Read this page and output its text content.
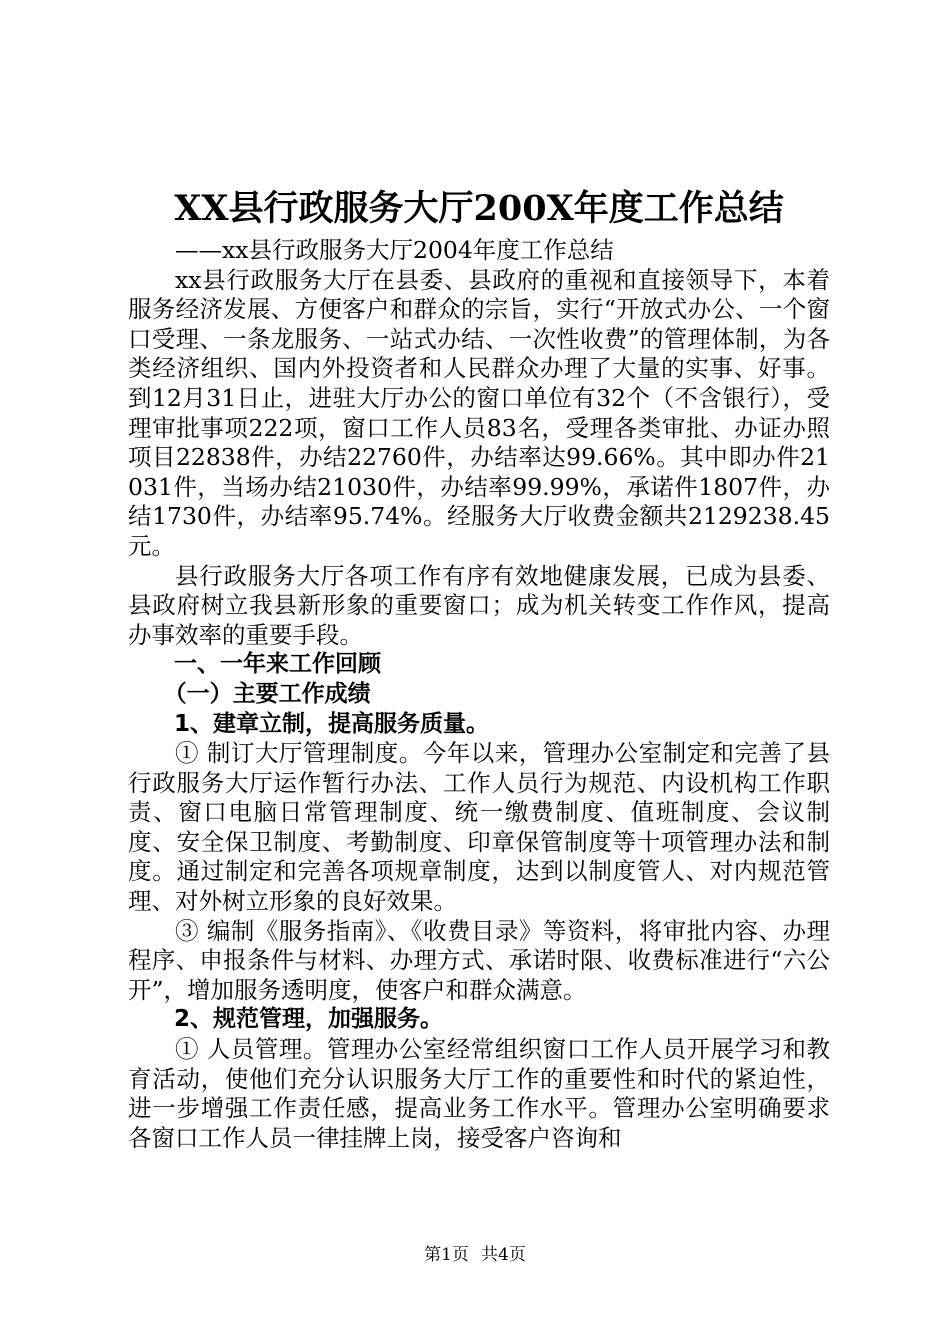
XX县行政服务大厅200X年度工作总结

——xx县行政服务大厅2004年度工作总结

xx县行政服务大厅在县委、县政府的重视和直接领导下，本着服务经济发展、方便客户和群众的宗旨，实行“开放式办公、一个窗口受理、一条龙服务、一站式办结、一次性收费”的管理体制，为各类经济组织、国内外投资者和人民群众办理了大量的实事、好事。到12月31日止，进驻大厅办公的窗口单位有32个（不含银行），受理审批事项222项，窗口工作人员83名，受理各类审批、办证办照项目22838件，办结22760件，办结率达99.66%。其中即办件21031件，当场办结21030件，办结率99.99%，承诺件1807件，办结1730件，办结率95.74%。经服务大厅收费金额共2129238.45元。

县行政服务大厅各项工作有序有效地健康发展，已成为县委、县政府树立我县新形象的重要窗口；成为机关转变工作作风，提高办事效率的重要手段。

一、一年来工作回顾

（一）主要工作成绩

1、建章立制，提高服务质量。

① 制订大厅管理制度。今年以来，管理办公室制定和完善了县行政服务大厅运作暂行办法、工作人员行为规范、内设机构工作职责、窗口电脑日常管理制度、统一缴费制度、值班制度、会议制度、安全保卫制度、考勤制度、印章保管制度等十项管理办法和制度。通过制定和完善各项规章制度，达到以制度管人、对内规范管理、对外树立形象的良好效果。

③ 编制《服务指南》、《收费目录》等资料，将审批内容、办理程序、申报条件与材料、办理方式、承诺时限、收费标准进行“六公开”，增加服务透明度，使客户和群众满意。

2、规范管理，加强服务。

① 人员管理。管理办公室经常组织窗口工作人员开展学习和教育活动，使他们充分认识服务大厅工作的重要性和时代的紧迫性，进一步增强工作责任感，提高业务工作水平。管理办公室明确要求各窗口工作人员一律挂牌上岗，接受客户咨询和

第1页 共4页
